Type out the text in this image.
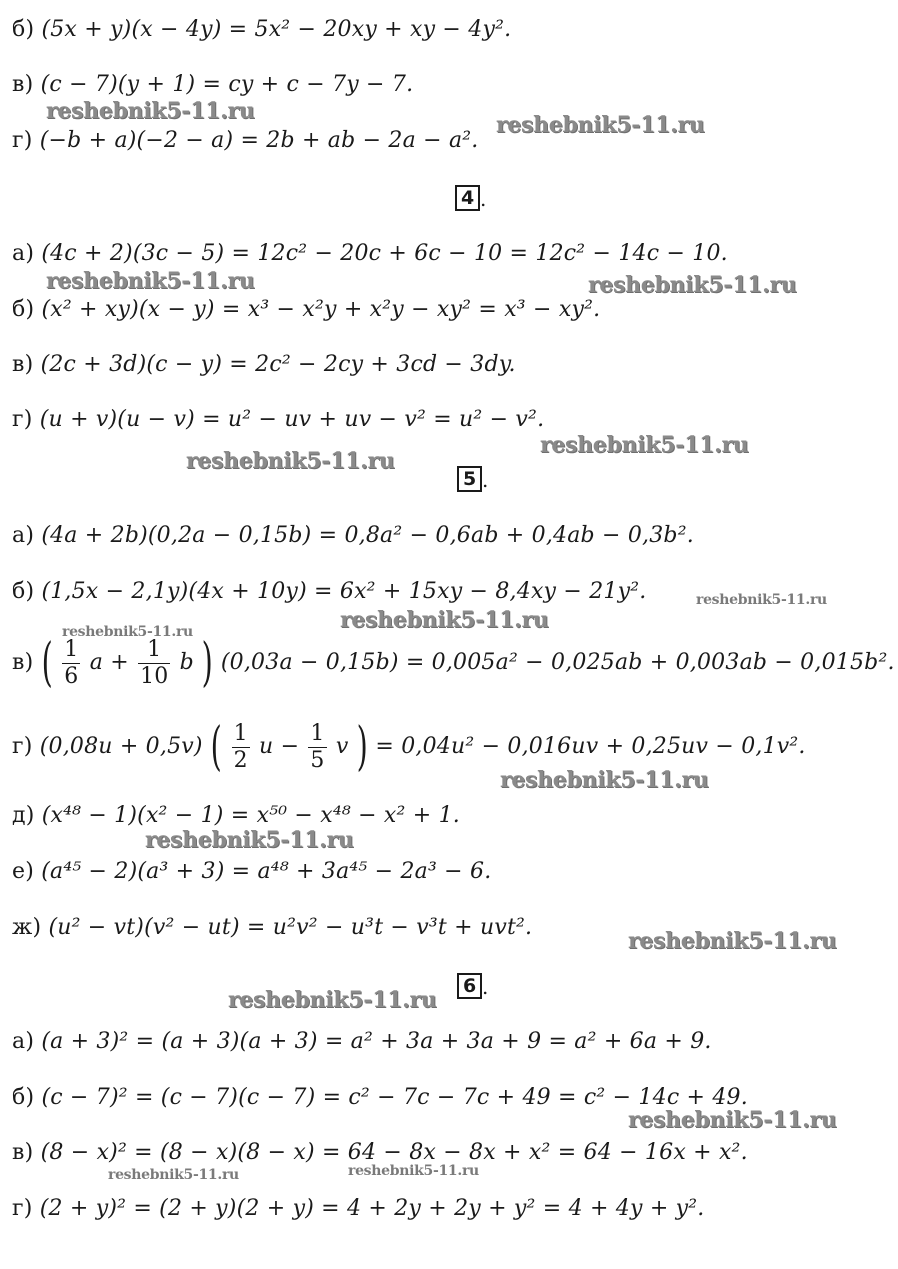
б) (5x + y)(x − 4y) = 5x² − 20xy + xy − 4y².
в) (c − 7)(y + 1) = cy + c − 7y − 7.
г) (−b + a)(−2 − a) = 2b + ab − 2a − a².
4 .
а) (4c + 2)(3c − 5) = 12c² − 20c + 6c − 10 = 12c² − 14c − 10.
б) (x² + xy)(x − y) = x³ − x²y + x²y − xy² = x³ − xy².
в) (2c + 3d)(c − y) = 2c² − 2cy + 3cd − 3dy.
г) (u + v)(u − v) = u² − uv + uv − v² = u² − v².
5 .
а) (4a + 2b)(0,2a − 0,15b) = 0,8a² − 0,6ab + 0,4ab − 0,3b².
б) (1,5x − 2,1y)(4x + 10y) = 6x² + 15xy − 8,4xy − 21y².
в) ( $\frac{1}{6}$ $a + \frac{1}{10}$ b ) (0,03a − 0,15b) = 0,005a² − 0,025ab + 0,003ab − 0,015b².
г) (0,08u + 0,5v) ( $\frac{1}{2}$ $u - \frac{1}{5}$ v ) = 0,04u² − 0,016uv + 0,25uv − 0,1v².
д) (x⁴⁸ − 1)(x² − 1) = x⁵⁰ − x⁴⁸ − x² + 1.
е) (a⁴⁵ − 2)(a³ + 3) = a⁴⁸ + 3a⁴⁵ − 2a³ − 6.
ж) (u² − vt)(v² − ut) = u²v² − u³t − v³t + uvt².
6 .
а) (a + 3)² = (a + 3)(a + 3) = a² + 3a + 3a + 9 = a² + 6a + 9.
б) (c − 7)² = (c − 7)(c − 7) = c² − 7c − 7c + 49 = c² − 14c + 49.
в) (8 − x)² = (8 − x)(8 − x) = 64 − 8x − 8x + x² = 64 − 16x + x².
г) (2 + y)² = (2 + y)(2 + y) = 4 + 2y + 2y + y² = 4 + 4y + y².
reshebnik5-11.ru
reshebnik5-11.ru
reshebnik5-11.ru	reshebnik5-11.ru
reshebnik5-11.ru
reshebnik5-11.ru
reshebnik5-11.ru
reshebnik5-11.ru
reshebnik5-11.ru
reshebnik5-11.ru
reshebnik5-11.ru
reshebnik5-11.ru
reshebnik5-11.ru
reshebnik5-11.ru
reshebnik5-11.ru	reshebnik5-11.ru
